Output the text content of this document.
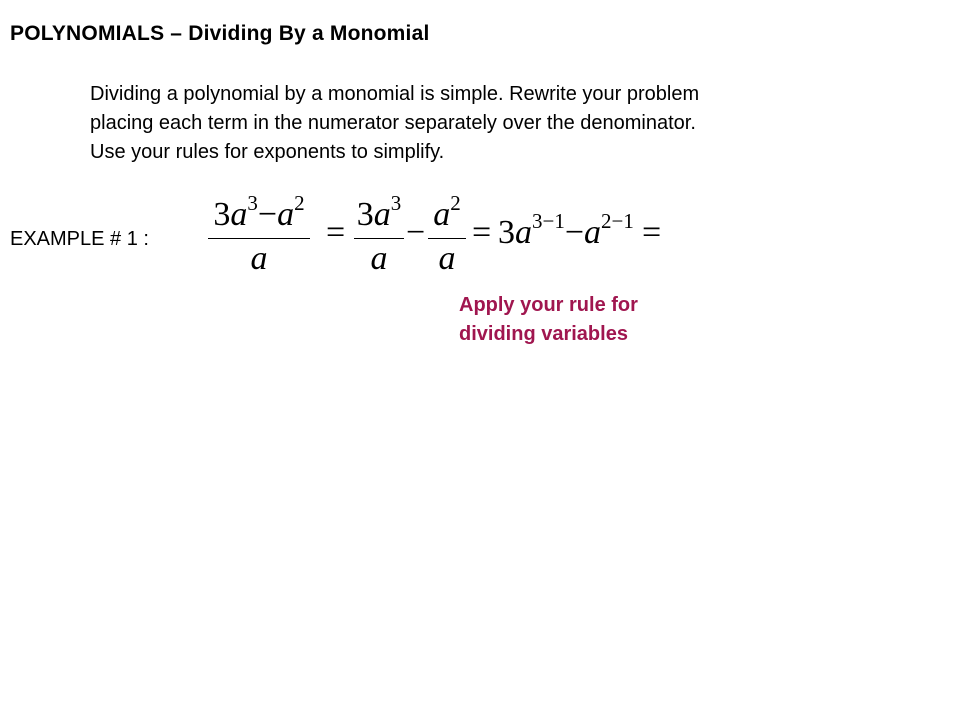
POLYNOMIALS – Dividing By a Monomial
Dividing a polynomial by a monomial is simple. Rewrite your problem
placing each term in the numerator separately over the denominator.
Use your rules for exponents to simplify.
EXAMPLE # 1 :
$3a^3-a^2$
a
= $3a^3$
a
− $a^2$
a
= $3a^{3-1}-a^{2-1}$ =
Apply your rule for
dividing variables
